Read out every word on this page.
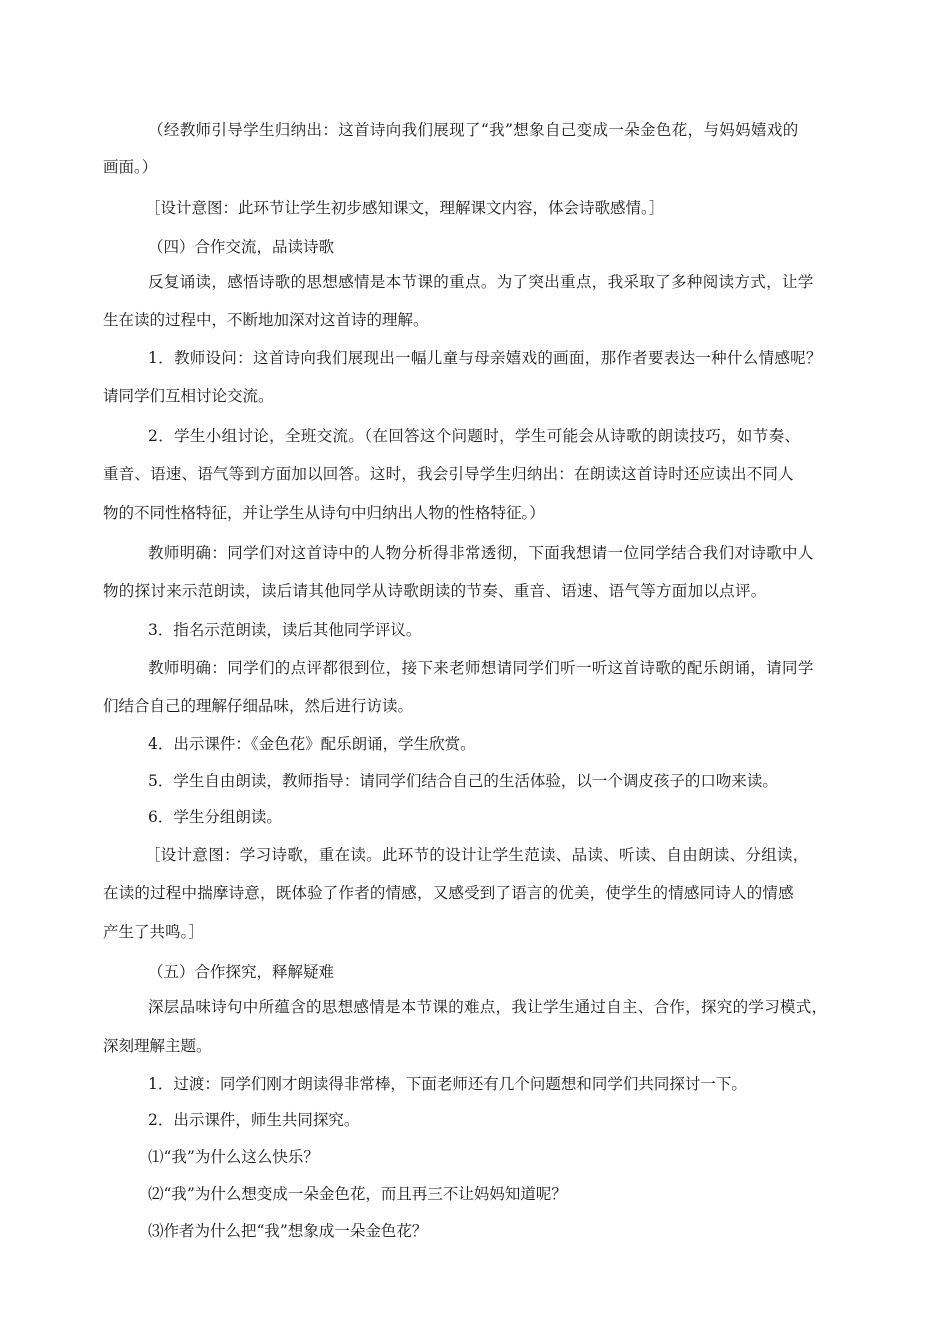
（经教师引导学生归纳出：这首诗向我们展现了“我”想象自己变成一朵金色花，与妈妈嬉戏的
画面。）
［设计意图：此环节让学生初步感知课文，理解课文内容，体会诗歌感情。］
（四）合作交流，品读诗歌
反复诵读，感悟诗歌的思想感情是本节课的重点。为了突出重点，我采取了多种阅读方式，让学
生在读的过程中，不断地加深对这首诗的理解。
1．教师设问：这首诗向我们展现出一幅儿童与母亲嬉戏的画面，那作者要表达一种什么情感呢？
请同学们互相讨论交流。
2．学生小组讨论，全班交流。（在回答这个问题时，学生可能会从诗歌的朗读技巧，如节奏、
重音、语速、语气等到方面加以回答。这时，我会引导学生归纳出：在朗读这首诗时还应读出不同人
物的不同性格特征，并让学生从诗句中归纳出人物的性格特征。）
教师明确：同学们对这首诗中的人物分析得非常透彻，下面我想请一位同学结合我们对诗歌中人
物的探讨来示范朗读，读后请其他同学从诗歌朗读的节奏、重音、语速、语气等方面加以点评。
3．指名示范朗读，读后其他同学评议。
教师明确：同学们的点评都很到位，接下来老师想请同学们听一听这首诗歌的配乐朗诵，请同学
们结合自己的理解仔细品味，然后进行访读。
4．出示课件：《金色花》配乐朗诵，学生欣赏。
5．学生自由朗读，教师指导：请同学们结合自己的生活体验，以一个调皮孩子的口吻来读。
6．学生分组朗读。
［设计意图：学习诗歌，重在读。此环节的设计让学生范读、品读、听读、自由朗读、分组读，
在读的过程中揣摩诗意，既体验了作者的情感，又感受到了语言的优美，使学生的情感同诗人的情感
产生了共鸣。］
（五）合作探究，释解疑难
深层品味诗句中所蕴含的思想感情是本节课的难点，我让学生通过自主、合作，探究的学习模式，
深刻理解主题。
1．过渡：同学们刚才朗读得非常棒，下面老师还有几个问题想和同学们共同探讨一下。
2．出示课件，师生共同探究。
⑴“我”为什么这么快乐？
⑵“我”为什么想变成一朵金色花，而且再三不让妈妈知道呢？
⑶作者为什么把“我”想象成一朵金色花？
